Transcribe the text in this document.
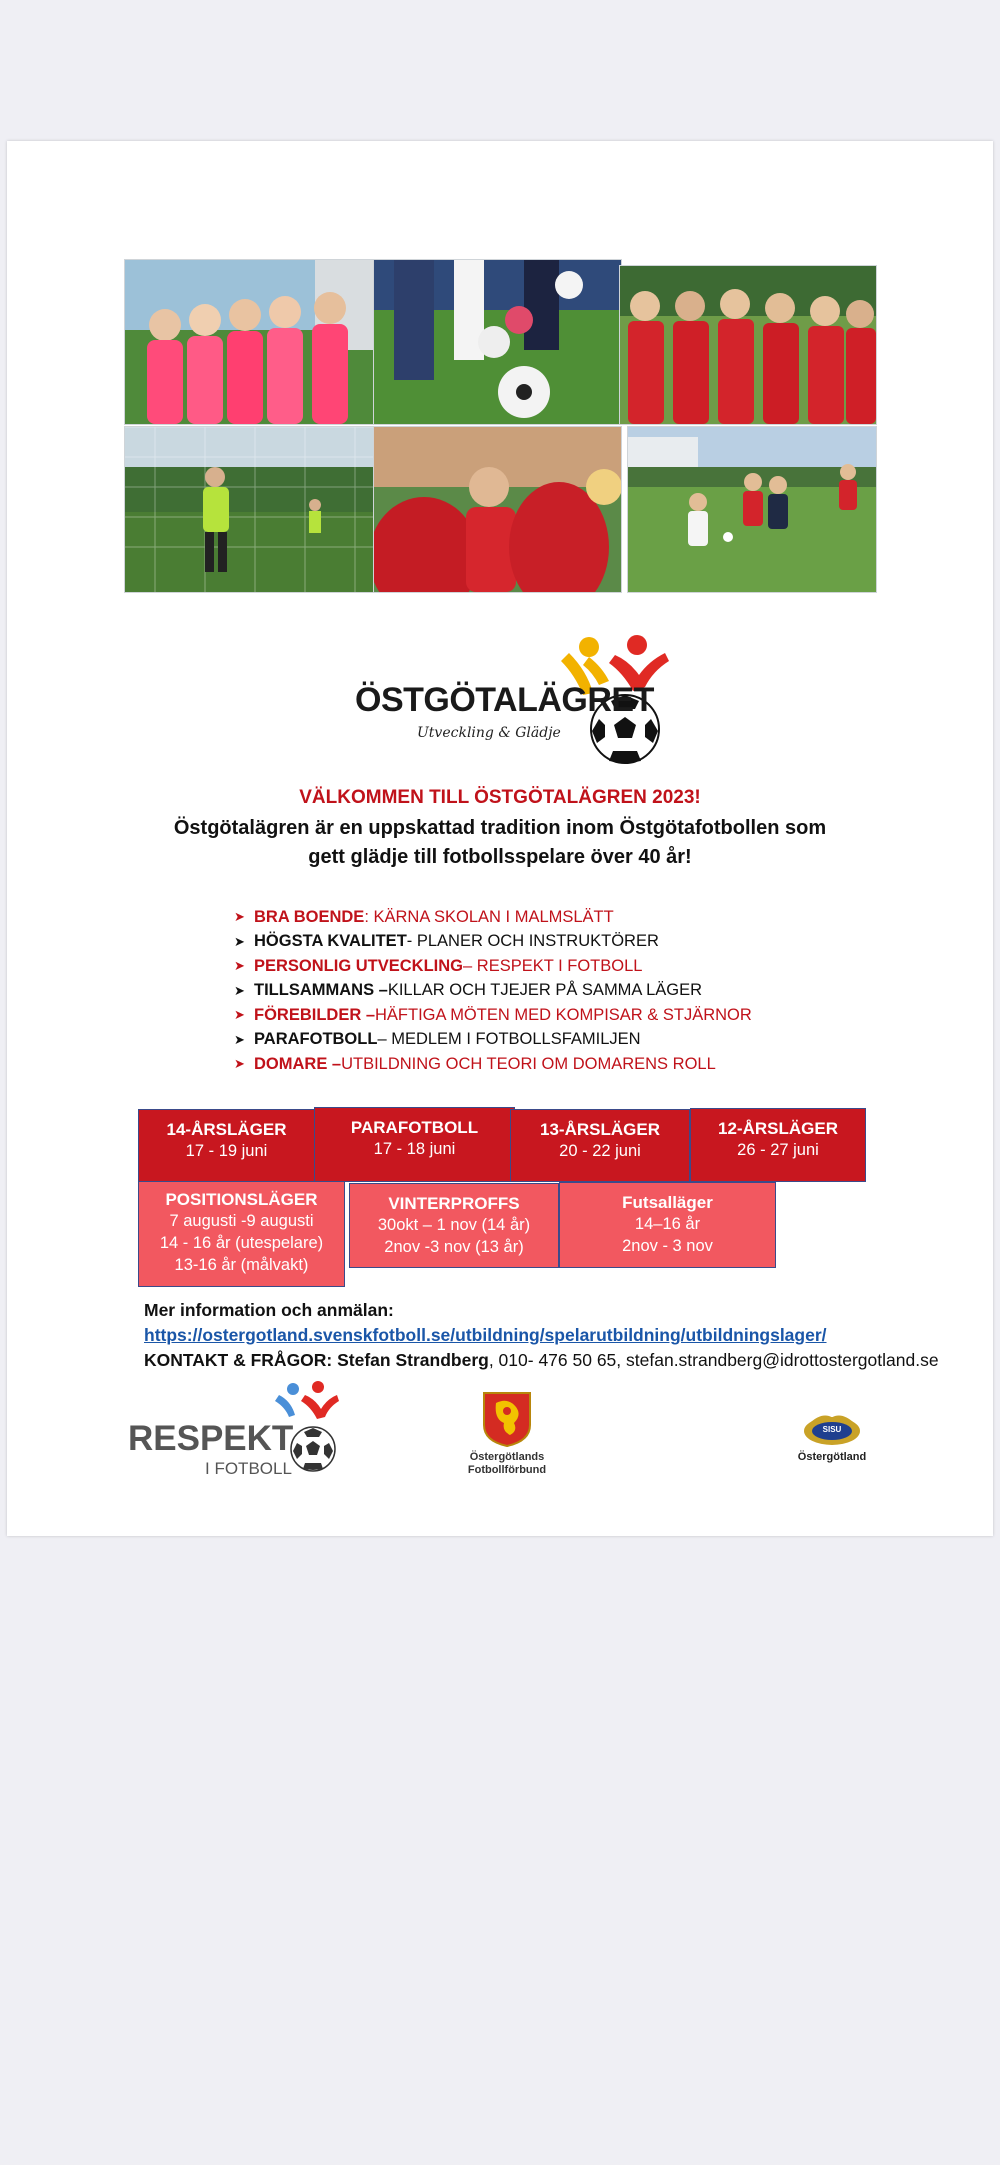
ÖSTGÖTALÄGRET
Utveckling & Glädje
VÄLKOMMEN TILL ÖSTGÖTALÄGREN 2023!
Östgötalägren är en uppskattad tradition inom Östgötafotbollen som gett glädje till fotbollsspelare över 40 år!
➤ BRA BOENDE : KÄRNA SKOLAN I MALMSLÄTT
➤ HÖGSTA KVALITET - PLANER OCH INSTRUKTÖRER
➤ PERSONLIG UTVECKLING – RESPEKT I FOTBOLL
➤ TILLSAMMANS – KILLAR OCH TJEJER PÅ SAMMA LÄGER
➤ FÖREBILDER – HÄFTIGA MÖTEN MED KOMPISAR & STJÄRNOR
➤ PARAFOTBOLL – MEDLEM I FOTBOLLSFAMILJEN
➤ DOMARE – UTBILDNING OCH TEORI OM DOMARENS ROLL
14-ÅRSLÄGER
17 - 19 juni
PARAFOTBOLL
17 - 18 juni
13-ÅRSLÄGER
20 - 22 juni
12-ÅRSLÄGER
26 - 27 juni
POSITIONSLÄGER
7 augusti -9 augusti
14 - 16 år (utespelare)
13-16 år (målvakt)
VINTERPROFFS
30okt – 1 nov (14 år)
2nov -3 nov (13 år)
Futsalläger
14–16 år
2nov - 3 nov
Mer information och anmälan:
https://ostergotland.svenskfotboll.se/utbildning/spelarutbildning/utbildningslager/
KONTAKT & FRÅGOR: Stefan Strandberg, 010- 476 50 65, stefan.strandberg@idrottostergotland.se
RESPEKT
I FOTBOLL
Östergötlands
Fotbollförbund
SISU
Östergötland
